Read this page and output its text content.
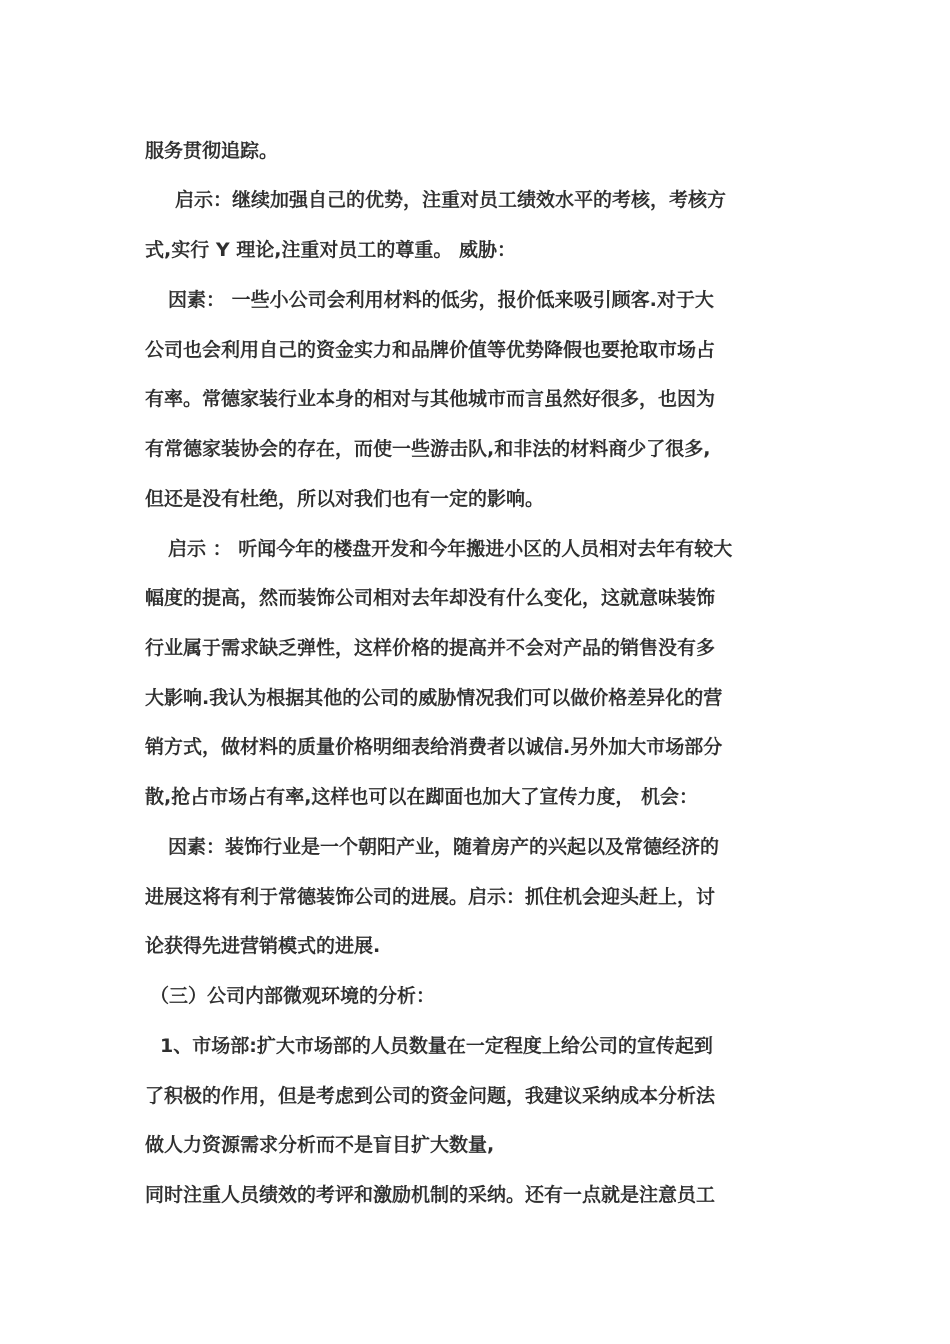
服务贯彻追踪。
启示：继续加强自己的优势，注重对员工绩效水平的考核，考核方
式,实行 Y 理论,注重对员工的尊重。 威胁：
因素： 一些小公司会利用材料的低劣，报价低来吸引顾客.对于大
公司也会利用自己的资金实力和品牌价值等优势降假也要抢取市场占
有率。常德家装行业本身的相对与其他城市而言虽然好很多，也因为
有常德家装协会的存在，而使一些游击队,和非法的材料商少了很多,
但还是没有杜绝，所以对我们也有一定的影响。
启示 ： 听闻今年的楼盘开发和今年搬进小区的人员相对去年有较大
幅度的提高，然而装饰公司相对去年却没有什么变化，这就意味装饰
行业属于需求缺乏弹性，这样价格的提高并不会对产品的销售没有多
大影响.我认为根据其他的公司的威胁情况我们可以做价格差异化的营
销方式，做材料的质量价格明细表给消费者以诚信.另外加大市场部分
散,抢占市场占有率,这样也可以在踋面也加大了宣传力度， 机会：
因素：装饰行业是一个朝阳产业，随着房产的兴起以及常德经济的
进展这将有利于常德装饰公司的进展。启示：抓住机会迎头赶上，讨
论获得先进营销模式的进展.
（三）公司内部微观环境的分析：
1、市场部:扩大市场部的人员数量在一定程度上给公司的宣传起到
了积极的作用，但是考虑到公司的资金问题，我建议采纳成本分析法
做人力资源需求分析而不是盲目扩大数量,
同时注重人员绩效的考评和激励机制的采纳。还有一点就是注意员工
